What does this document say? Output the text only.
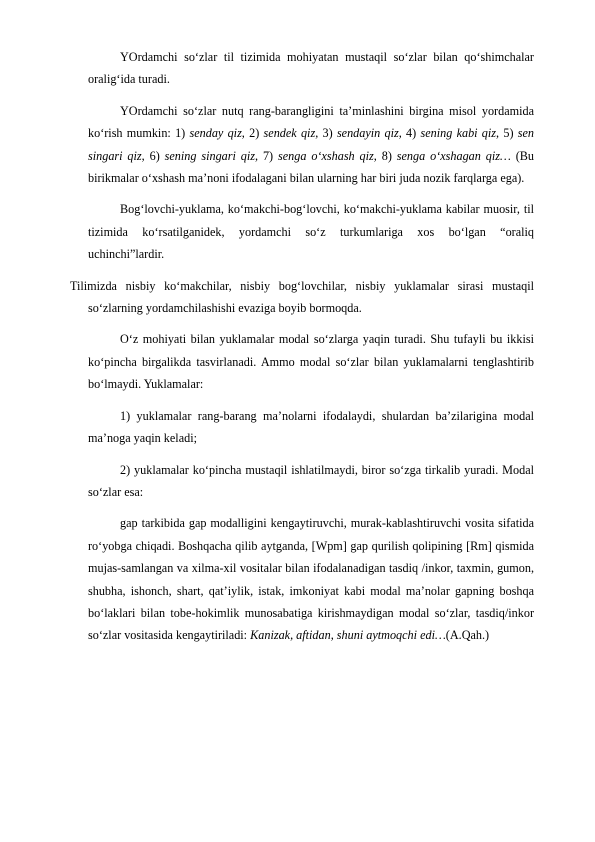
YOrdamchi so‘zlar til tizimida mohiyatan mustaqil so‘zlar bilan qo‘shimchalar oralig‘ida turadi.

YOrdamchi so‘zlar nutq rang-barangligini ta’minlashini birgina misol yordamida ko‘rish mumkin: 1) senday qiz, 2) sendek qiz, 3) sendayin qiz, 4) sening kabi qiz, 5) sen singari qiz, 6) sening singari qiz, 7) senga o‘xshash qiz, 8) senga o‘xshagan qiz… (Bu birikmalar o‘xshash ma’noni ifodalagani bilan ularning har biri juda nozik farqlarga ega).

Bog‘lovchi-yuklama, ko‘makchi-bog‘lovchi, ko‘makchi-yuklama kabilar muosir, til tizimida ko‘rsatilganidek, yordamchi so‘z turkumlariga xos bo‘lgan “oraliq uchinchi”lardir.

Tilimizda nisbiy ko‘makchilar, nisbiy bog‘lovchilar, nisbiy yuklamalar sirasi mustaqil so‘zlarning yordamchilashishi evaziga boyib bormoqda.

O‘z mohiyati bilan yuklamalar modal so‘zlarga yaqin turadi. Shu tufayli bu ikkisi ko‘pincha birgalikda tasvirlanadi. Ammo modal so‘zlar bilan yuklamalarni tenglashtirib bo‘lmaydi. Yuklamalar:

1) yuklamalar rang-barang ma’nolarni ifodalaydi, shulardan ba’zilarigina modal ma’noga yaqin keladi;

2) yuklamalar ko‘pincha mustaqil ishlatilmaydi, biror so‘zga tirkalib yuradi. Modal so‘zlar esa:

gap tarkibida gap modalligini kengaytiruvchi, murak-kablashtiruvchi vosita sifatida ro‘yobga chiqadi. Boshqacha qilib aytganda, [Wpm] gap qurilish qolipining [Rm] qismida mujas-samlangan va xilma-xil vositalar bilan ifodalanadigan tasdiq /inkor, taxmin, gumon, shubha, ishonch, shart, qat’iylik, istak, imkoniyat kabi modal ma’nolar gapning boshqa bo‘laklari bilan tobe-hokimlik munosabatiga kirishmaydigan modal so‘zlar, tasdiq/inkor so‘zlar vositasida kengaytiriladi: Kanizak, aftidan, shuni aytmoqchi edi…(A.Qah.)
